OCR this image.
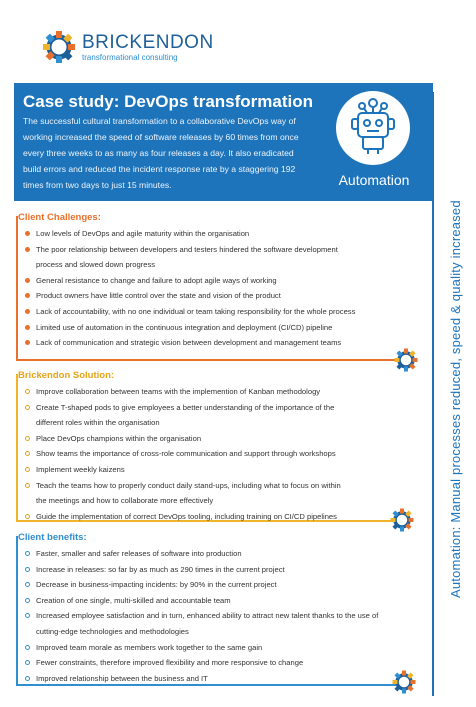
BRICKENDON
transformational consulting
Case study: DevOps transformation
The successful cultural transformation to a collaborative DevOps way of
working increased the speed of software releases by 60 times from once
every three weeks to as many as four releases a day. It also eradicated
build errors and reduced the incident response rate by a staggering 192
times from two days to just 15 minutes.	Automation
Automation: Manual processes reduced, speed & quality increased
Client Challenges:
Low levels of DevOps and agile maturity within the organisation
The poor relationship between developers and testers hindered the software development
process and slowed down progress
General resistance to change and failure to adopt agile ways of working
Product owners have little control over the state and vision of the product
Lack of accountability, with no one individual or team taking responsibility for the whole process
Limited use of automation in the continuous integration and deployment (CI/CD) pipeline
Lack of communication and strategic vision between development and management teams
Brickendon Solution:
Improve collaboration between teams with the implemention of Kanban methodology
Create T-shaped pods to give employees a better understanding of the importance of the
different roles within the organisation
Place DevOps champions within the organisation
Show teams the importance of cross-role communication and support through workshops
Implement weekly kaizens
Teach the teams how to properly conduct daily stand-ups, including what to focus on within
the meetings and how to collaborate more effectively
Guide the implementation of correct DevOps tooling, including training on CI/CD pipelines
Client benefits:
Faster, smaller and safer releases of software into production
Increase in releases: so far by as much as 290 times in the current project
Decrease in business-impacting incidents: by 90% in the current project
Creation of one single, multi-skilled and accountable team
Increased employee satisfaction and in turn, enhanced ability to attract new talent thanks to the use of
cutting-edge technologies and methodologies
Improved team morale as members work together to the same gain
Fewer constraints, therefore improved flexibility and more responsive to change
Improved relationship between the business and IT
